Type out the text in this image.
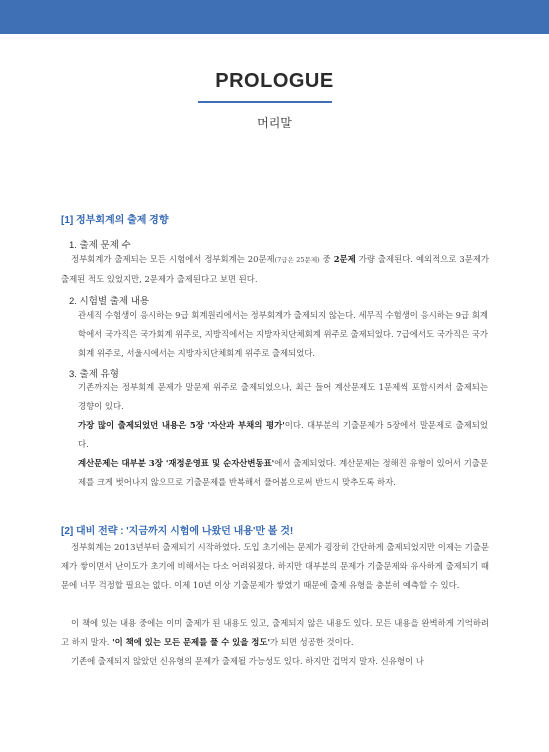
PROLOGUE
머리말
[1] 정부회계의 출제 경향
1. 출제 문제 수
정부회계가 출제되는 모든 시험에서 정부회계는 20문제(7급은 25문제) 중 2문제 가량 출제된다. 예외적으로 3문제가 출제된 적도 있었지만, 2문제가 출제된다고 보면 된다.
2. 시험별 출제 내용
관세직 수험생이 응시하는 9급 회계원리에서는 정부회계가 출제되지 않는다. 세무직 수험생이 응시하는 9급 회계학에서 국가직은 국가회계 위주로, 지방직에서는 지방자치단체회계 위주로 출제되었다. 7급에서도 국가직은 국가회계 위주로, 서울시에서는 지방자치단체회계 위주로 출제되었다.
3. 출제 유형
기존까지는 정부회계 문제가 말문제 위주로 출제되었으나, 최근 들어 계산문제도 1문제씩 포함시켜서 출제되는 경향이 있다.
가장 많이 출제되었던 내용은 5장 '자산과 부채의 평가'이다. 대부분의 기출문제가 5장에서 말문제로 출제되었다.
계산문제는 대부분 3장 '재정운영표 및 순자산변동표'에서 출제되었다. 계산문제는 정해진 유형이 있어서 기출문제를 크게 벗어나지 않으므로 기출문제를 반복해서 풀어봄으로써 반드시 맞추도록 하자.
[2] 대비 전략 : '지금까지 시험에 나왔던 내용'만 볼 것!
정부회계는 2013년부터 출제되기 시작하였다. 도입 초기에는 문제가 굉장히 간단하게 출제되었지만 이제는 기출문제가 쌓이면서 난이도가 초기에 비해서는 다소 어려워졌다. 하지만 대부분의 문제가 기출문제와 유사하게 출제되기 때문에 너무 걱정할 필요는 없다. 이제 10년 이상 기출문제가 쌓였기 때문에 출제 유형을 충분히 예측할 수 있다.
이 책에 있는 내용 중에는 이미 출제가 된 내용도 있고, 출제되지 않은 내용도 있다. 모든 내용을 완벽하게 기억하려고 하지 말자. '이 책에 있는 모든 문제를 풀 수 있을 정도'가 되면 성공한 것이다.
기존에 출제되지 않았던 신유형의 문제가 출제될 가능성도 있다. 하지만 겁먹지 말자. 신유형이 나
